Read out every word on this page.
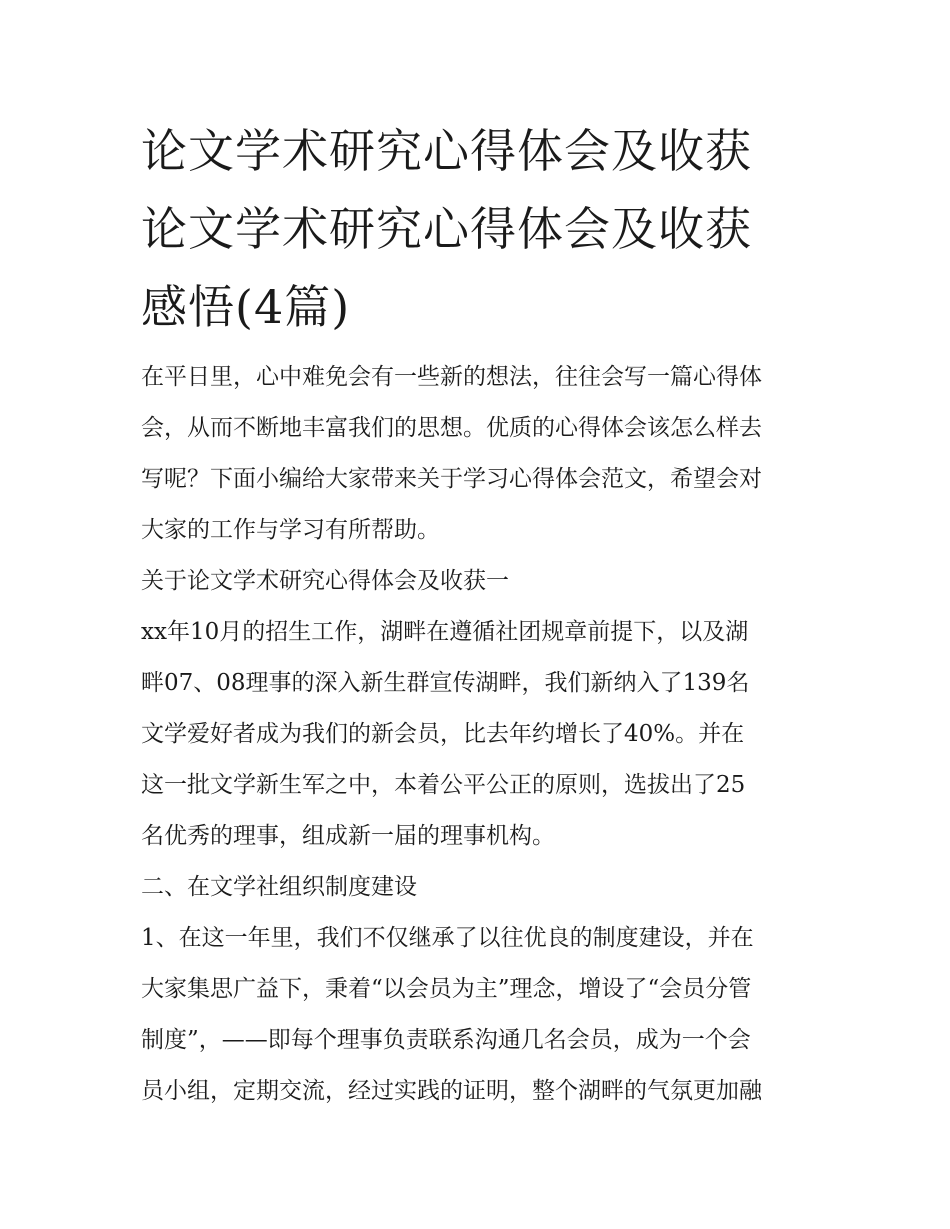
论文学术研究心得体会及收获
论文学术研究心得体会及收获
感悟(4篇)
在平日里，心中难免会有一些新的想法，往往会写一篇心得体
会，从而不断地丰富我们的思想。优质的心得体会该怎么样去
写呢？下面小编给大家带来关于学习心得体会范文，希望会对
大家的工作与学习有所帮助。
关于论文学术研究心得体会及收获一
xx年10月的招生工作，湖畔在遵循社团规章前提下，以及湖
畔07、08理事的深入新生群宣传湖畔，我们新纳入了139名
文学爱好者成为我们的新会员，比去年约增长了40%。并在
这一批文学新生军之中，本着公平公正的原则，选拔出了25
名优秀的理事，组成新一届的理事机构。
二、在文学社组织制度建设
1、在这一年里，我们不仅继承了以往优良的制度建设，并在
大家集思广益下，秉着“以会员为主”理念，增设了“会员分管
制度”，——即每个理事负责联系沟通几名会员，成为一个会
员小组，定期交流，经过实践的证明，整个湖畔的气氛更加融
